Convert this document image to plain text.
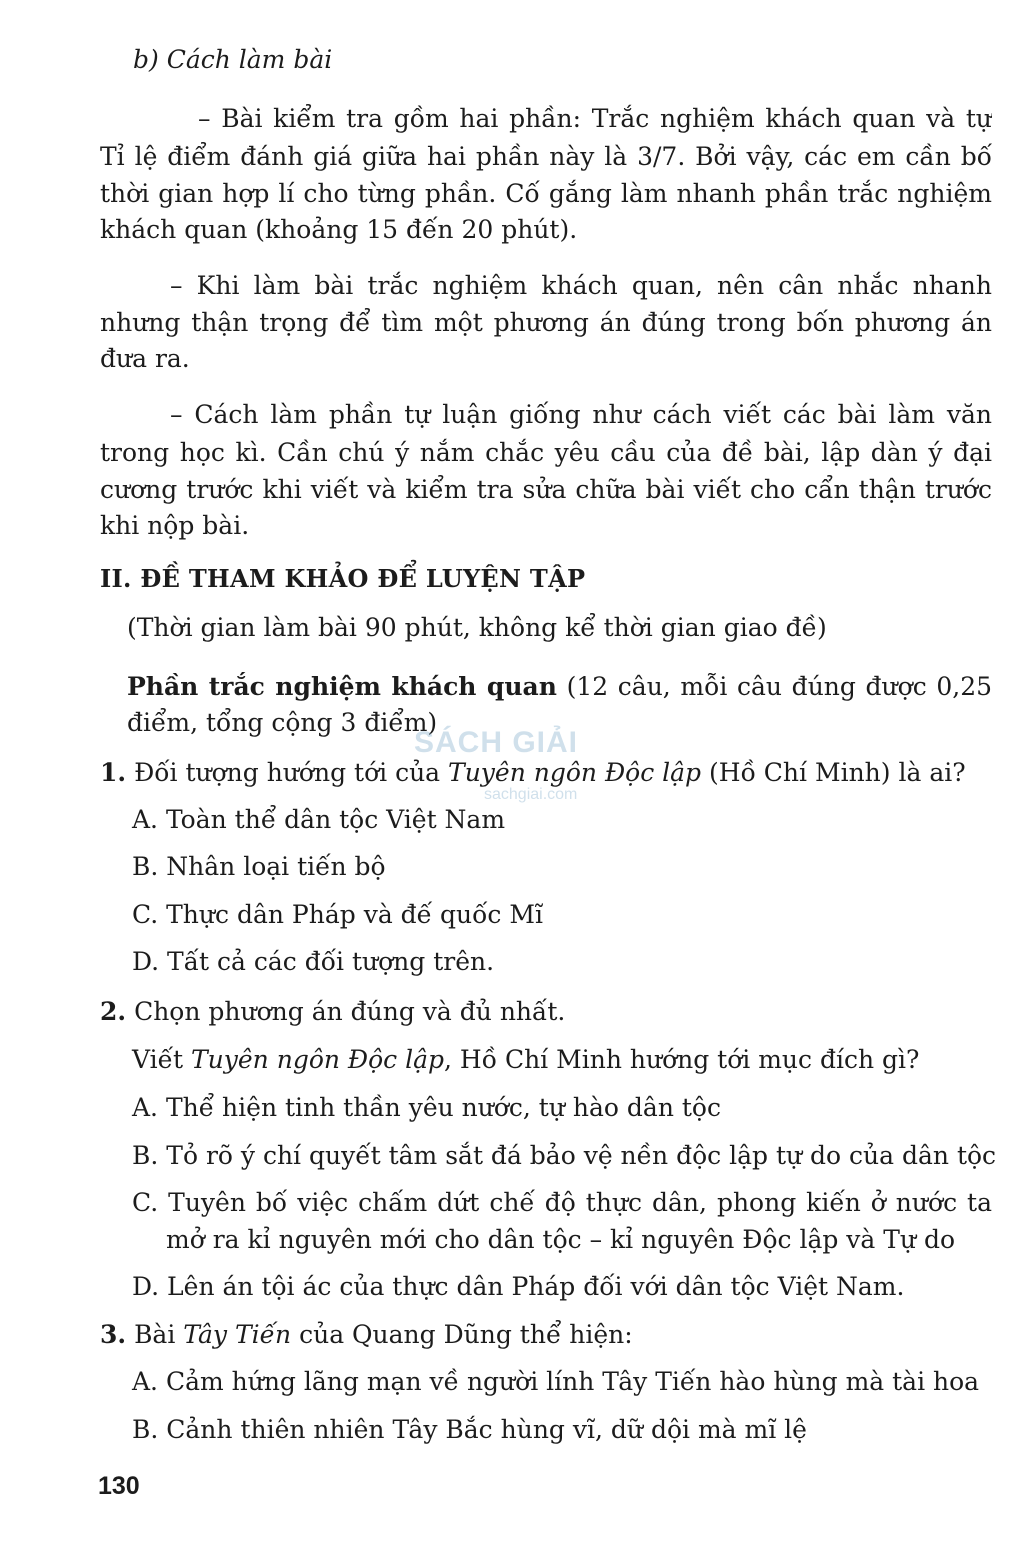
b) Cách làm bài
– Bài kiểm tra gồm hai phần: Trắc nghiệm khách quan và tự
Tỉ lệ điểm đánh giá giữa hai phần này là 3/7. Bởi vậy, các em cần bố
thời gian hợp lí cho từng phần. Cố gắng làm nhanh phần trắc nghiệm
khách quan (khoảng 15 đến 20 phút).
– Khi làm bài trắc nghiệm khách quan, nên cân nhắc nhanh
nhưng thận trọng để tìm một phương án đúng trong bốn phương án
đưa ra.
– Cách làm phần tự luận giống như cách viết các bài làm văn
trong học kì. Cần chú ý nắm chắc yêu cầu của đề bài, lập dàn ý đại
cương trước khi viết và kiểm tra sửa chữa bài viết cho cẩn thận trước
khi nộp bài.
II. ĐỀ THAM KHẢO ĐỂ LUYỆN TẬP
(Thời gian làm bài 90 phút, không kể thời gian giao đề)
Phần trắc nghiệm khách quan (12 câu, mỗi câu đúng được 0,25
điểm, tổng cộng 3 điểm)
1. Đối tượng hướng tới của Tuyên ngôn Độc lập (Hồ Chí Minh) là ai?
A. Toàn thể dân tộc Việt Nam
B. Nhân loại tiến bộ
C. Thực dân Pháp và đế quốc Mĩ
D. Tất cả các đối tượng trên.
2. Chọn phương án đúng và đủ nhất.
Viết Tuyên ngôn Độc lập, Hồ Chí Minh hướng tới mục đích gì?
A. Thể hiện tinh thần yêu nước, tự hào dân tộc
B. Tỏ rõ ý chí quyết tâm sắt đá bảo vệ nền độc lập tự do của dân tộc
C. Tuyên bố việc chấm dứt chế độ thực dân, phong kiến ở nước ta
mở ra kỉ nguyên mới cho dân tộc – kỉ nguyên Độc lập và Tự do
D. Lên án tội ác của thực dân Pháp đối với dân tộc Việt Nam.
3. Bài Tây Tiến của Quang Dũng thể hiện:
A. Cảm hứng lãng mạn về người lính Tây Tiến hào hùng mà tài hoa
B. Cảnh thiên nhiên Tây Bắc hùng vĩ, dữ dội mà mĩ lệ
130
SÁCH GIẢI
sachgiai.com
